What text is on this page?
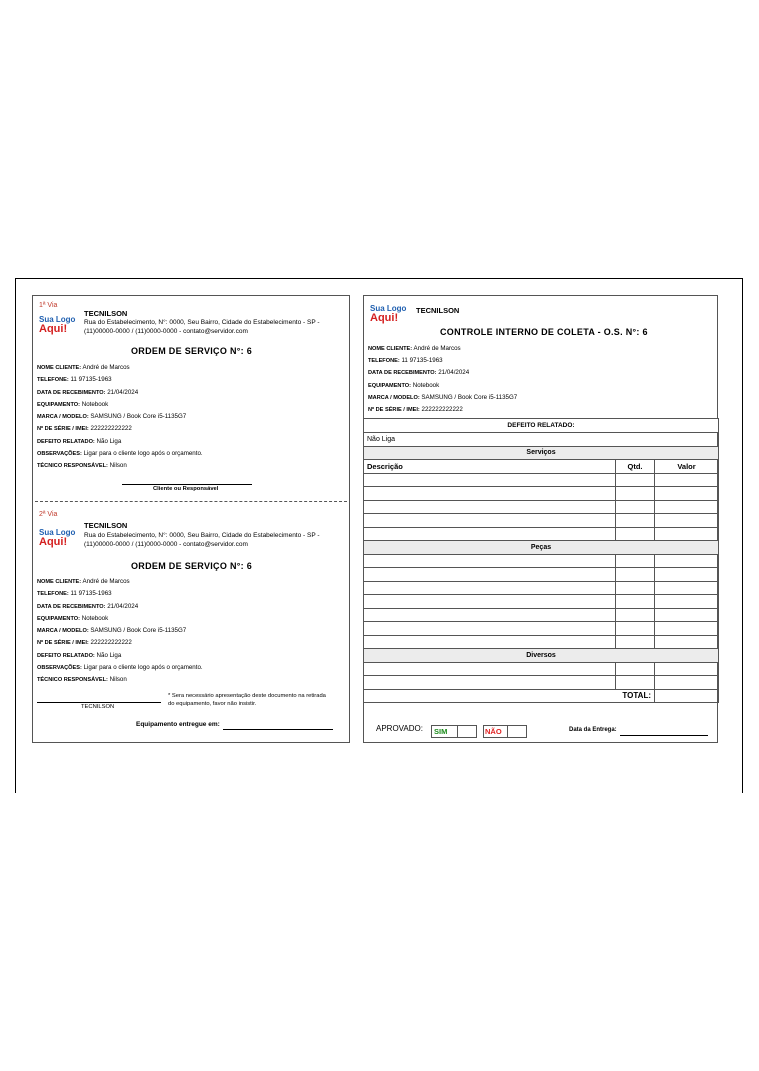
1ª Via
Sua Logo
Aqui!
TECNILSON
Rua do Estabelecimento, N°: 0000, Seu Bairro, Cidade do Estabelecimento - SP - (11)00000-0000 / (11)0000-0000 - contato@servidor.com
ORDEM DE SERVIÇO N°: 6
NOME CLIENTE: André de Marcos
TELEFONE: 11 97135-1963
DATA DE RECEBIMENTO: 21/04/2024
EQUIPAMENTO: Notebook
MARCA / MODELO: SAMSUNG / Book Core i5-1135G7
Nº DE SÉRIE / IMEI: 222222222222
DEFEITO RELATADO: Não Liga
OBSERVAÇÕES: Ligar para o cliente logo após o orçamento.
TÉCNICO RESPONSÁVEL: Nilson
Cliente ou Responsável
2ª Via
Sua Logo
Aqui!
TECNILSON
Rua do Estabelecimento, N°: 0000, Seu Bairro, Cidade do Estabelecimento - SP - (11)00000-0000 / (11)0000-0000 - contato@servidor.com
ORDEM DE SERVIÇO N°: 6
NOME CLIENTE: André de Marcos
TELEFONE: 11 97135-1963
DATA DE RECEBIMENTO: 21/04/2024
EQUIPAMENTO: Notebook
MARCA / MODELO: SAMSUNG / Book Core i5-1135G7
Nº DE SÉRIE / IMEI: 222222222222
DEFEITO RELATADO: Não Liga
OBSERVAÇÕES: Ligar para o cliente logo após o orçamento.
TÉCNICO RESPONSÁVEL: Nilson
TECNILSON
* Sera necessário apresentação deste documento na retirada do equipamento, favor não insistir.
Equipamento entregue em:
Sua Logo
Aqui!
TECNILSON
CONTROLE INTERNO DE COLETA - O.S. N°: 6
NOME CLIENTE: André de Marcos
TELEFONE: 11 97135-1963
DATA DE RECEBIMENTO: 21/04/2024
EQUIPAMENTO: Notebook
MARCA / MODELO: SAMSUNG / Book Core i5-1135G7
Nº DE SÉRIE / IMEI: 222222222222
DEFEITO RELATADO:		
Não Liga		
Serviços		
Descrição	Qtd.	Valor

Peças		

Diversos		

TOTAL:		
APROVADO:	SIM	NÃO	Data da Entrega:
